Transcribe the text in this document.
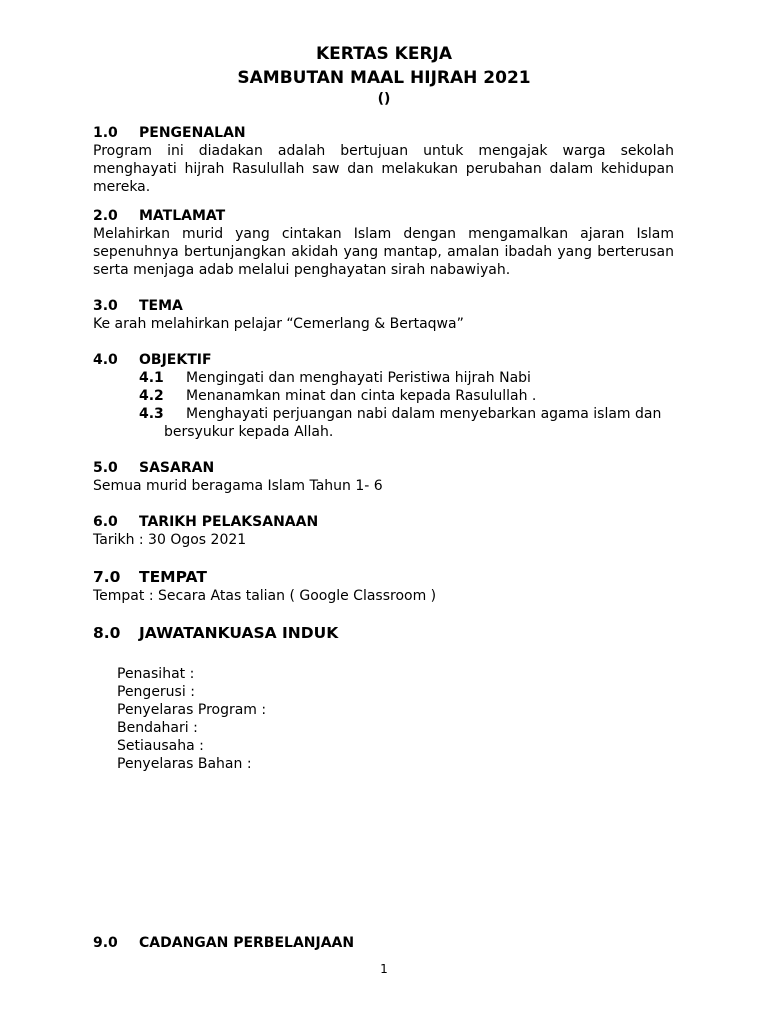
KERTAS KERJA
SAMBUTAN MAAL HIJRAH 2021
()
1.0	PENGENALAN

Program ini diadakan adalah bertujuan untuk mengajak warga sekolah menghayati hijrah Rasulullah saw dan melakukan perubahan dalam kehidupan mereka.

2.0	MATLAMAT

Melahirkan murid yang cintakan Islam dengan mengamalkan ajaran Islam sepenuhnya bertunjangkan akidah yang mantap, amalan ibadah yang berterusan serta menjaga adab melalui penghayatan sirah nabawiyah.

3.0	TEMA

Ke arah melahirkan pelajar “Cemerlang & Bertaqwa”

4.0	OBJEKTIF
4.1	Mengingati dan menghayati Peristiwa hijrah Nabi
4.2	Menanamkan minat dan cinta kepada Rasulullah .
4.3	Menghayati perjuangan nabi dalam menyebarkan agama islam dan
bersyukur kepada Allah.
5.0	SASARAN

Semua murid beragama Islam Tahun 1- 6

6.0	TARIKH PELAKSANAAN

Tarikh : 30 Ogos 2021

7.0	TEMPAT

Tempat : Secara Atas talian ( Google Classroom )

8.0	JAWATANKUASA INDUK
Penasihat :
Pengerusi :
Penyelaras Program :
Bendahari :
Setiausaha :
Penyelaras Bahan :
9.0	CADANGAN PERBELANJAAN
1
